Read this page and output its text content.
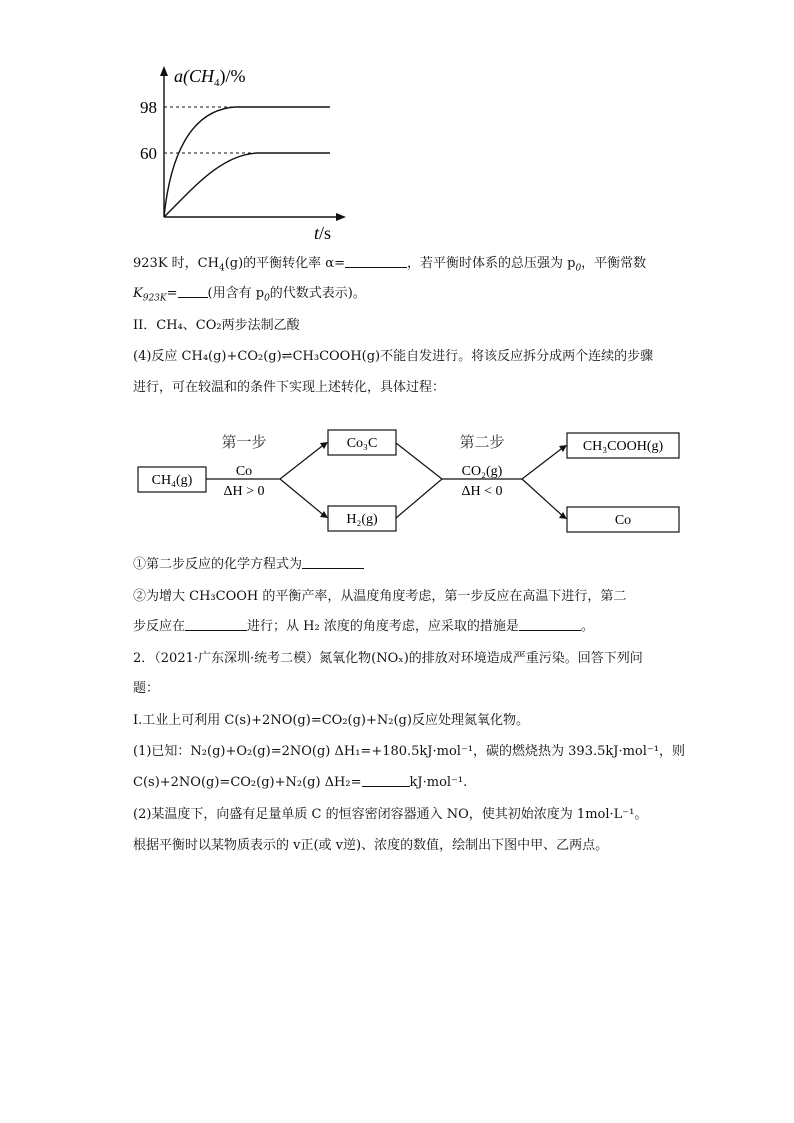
$a(CH_4)/\%$
98
60
t/s
923K 时，$CH_4(g)$的平衡转化率 α=	，若平衡时体系的总压强为 $p_0$，平衡常数
$K_{923K}=$ (用含有 $p_0$的代数式表示)。
II．CH₄、CO₂两步法制乙酸
(4)反应 CH₄(g)+CO₂(g)⇌CH₃COOH(g)不能自发进行。将该反应拆分成两个连续的步骤
进行，可在较温和的条件下实现上述转化，具体过程：
CH₄(g)
第一步
Co
ΔH > 0
Co₃C
H₂(g)
第二步
CO₂(g)
ΔH < 0
CH₃COOH(g)
Co
①第二步反应的化学方程式为
②为增大 CH₃COOH 的平衡产率，从温度角度考虑，第一步反应在高温下进行，第二
步反应在	进行；从 H₂ 浓度的角度考虑，应采取的措施是	。
2．（2021·广东深圳·统考二模）氮氧化物(NOₓ)的排放对环境造成严重污染。回答下列问
题：
I.工业上可利用 C(s)+2NO(g)=CO₂(g)+N₂(g)反应处理氮氧化物。
(1)已知：N₂(g)+O₂(g)=2NO(g) ΔH₁=+180.5kJ·mol⁻¹，碳的燃烧热为 393.5kJ·mol⁻¹，则
C(s)+2NO(g)=CO₂(g)+N₂(g) ΔH₂=	kJ·mol⁻¹.
(2)某温度下，向盛有足量单质 C 的恒容密闭容器通入 NO，使其初始浓度为 1mol·L⁻¹。
根据平衡时以某物质表示的 v正(或 v逆)、浓度的数值，绘制出下图中甲、乙两点。
